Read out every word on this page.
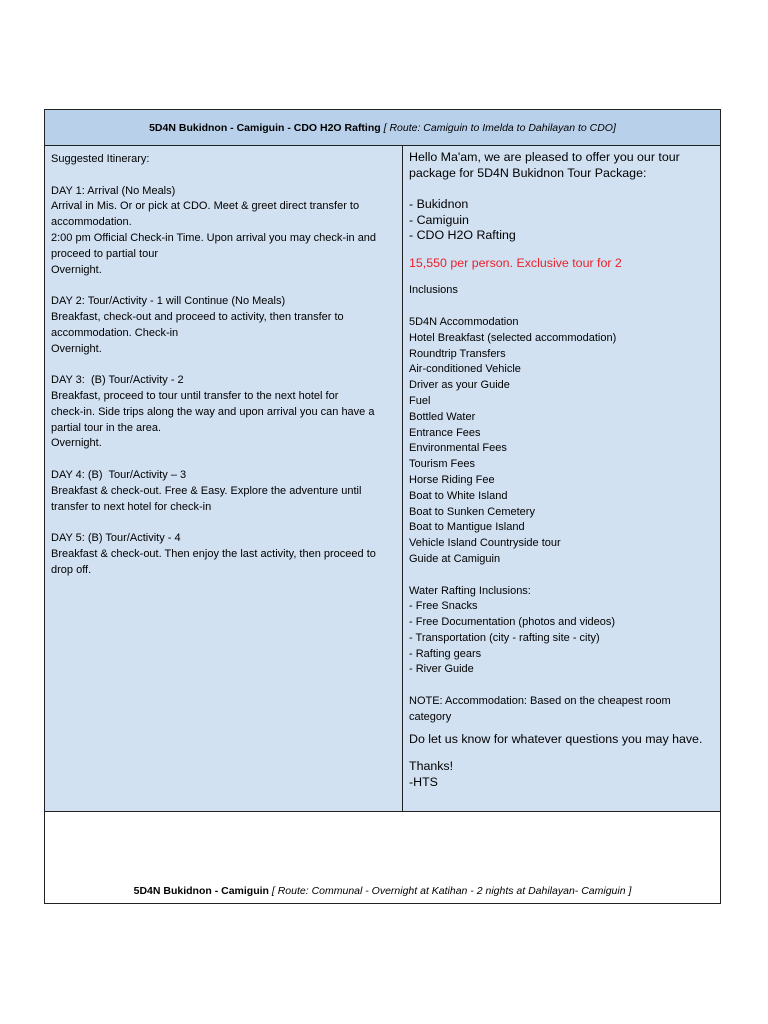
5D4N Bukidnon - Camiguin - CDO H2O Rafting
[ Route: Camiguin to Imelda to Dahilayan to CDO]
Suggested Itinerary:
DAY 1: Arrival (No Meals)
Arrival in Mis. Or or pick at CDO. Meet & greet direct transfer to
accommodation.
2:00 pm Official Check-in Time. Upon arrival you may check-in and
proceed to partial tour
Overnight.
DAY 2: Tour/Activity - 1 will Continue (No Meals)
Breakfast, check-out and proceed to activity, then transfer to
accommodation. Check-in
Overnight.
DAY 3:  (B) Tour/Activity - 2
Breakfast, proceed to tour until transfer to the next hotel for
check-in. Side trips along the way and upon arrival you can have a
partial tour in the area.
Overnight.
DAY 4: (B)  Tour/Activity – 3
Breakfast & check-out. Free & Easy. Explore the adventure until
transfer to next hotel for check-in
DAY 5: (B) Tour/Activity - 4
Breakfast & check-out. Then enjoy the last activity, then proceed to
drop off.
Hello Ma'am, we are pleased to offer you our tour
package for 5D4N Bukidnon Tour Package:
- Bukidnon
- Camiguin
- CDO H2O Rafting
15,550 per person. Exclusive tour for 2
Inclusions
5D4N Accommodation
Hotel Breakfast (selected accommodation)
Roundtrip Transfers
Air-conditioned Vehicle
Driver as your Guide
Fuel
Bottled Water
Entrance Fees
Environmental Fees
Tourism Fees
Horse Riding Fee
Boat to White Island
Boat to Sunken Cemetery
Boat to Mantigue Island
Vehicle Island Countryside tour
Guide at Camiguin
Water Rafting Inclusions:
- Free Snacks
- Free Documentation (photos and videos)
- Transportation (city - rafting site - city)
- Rafting gears
- River Guide
NOTE: Accommodation: Based on the cheapest room
category
Do let us know for whatever questions you may have.
Thanks!
-HTS
5D4N Bukidnon - Camiguin
[ Route: Communal - Overnight at Katihan - 2 nights at Dahilayan- Camiguin ]
